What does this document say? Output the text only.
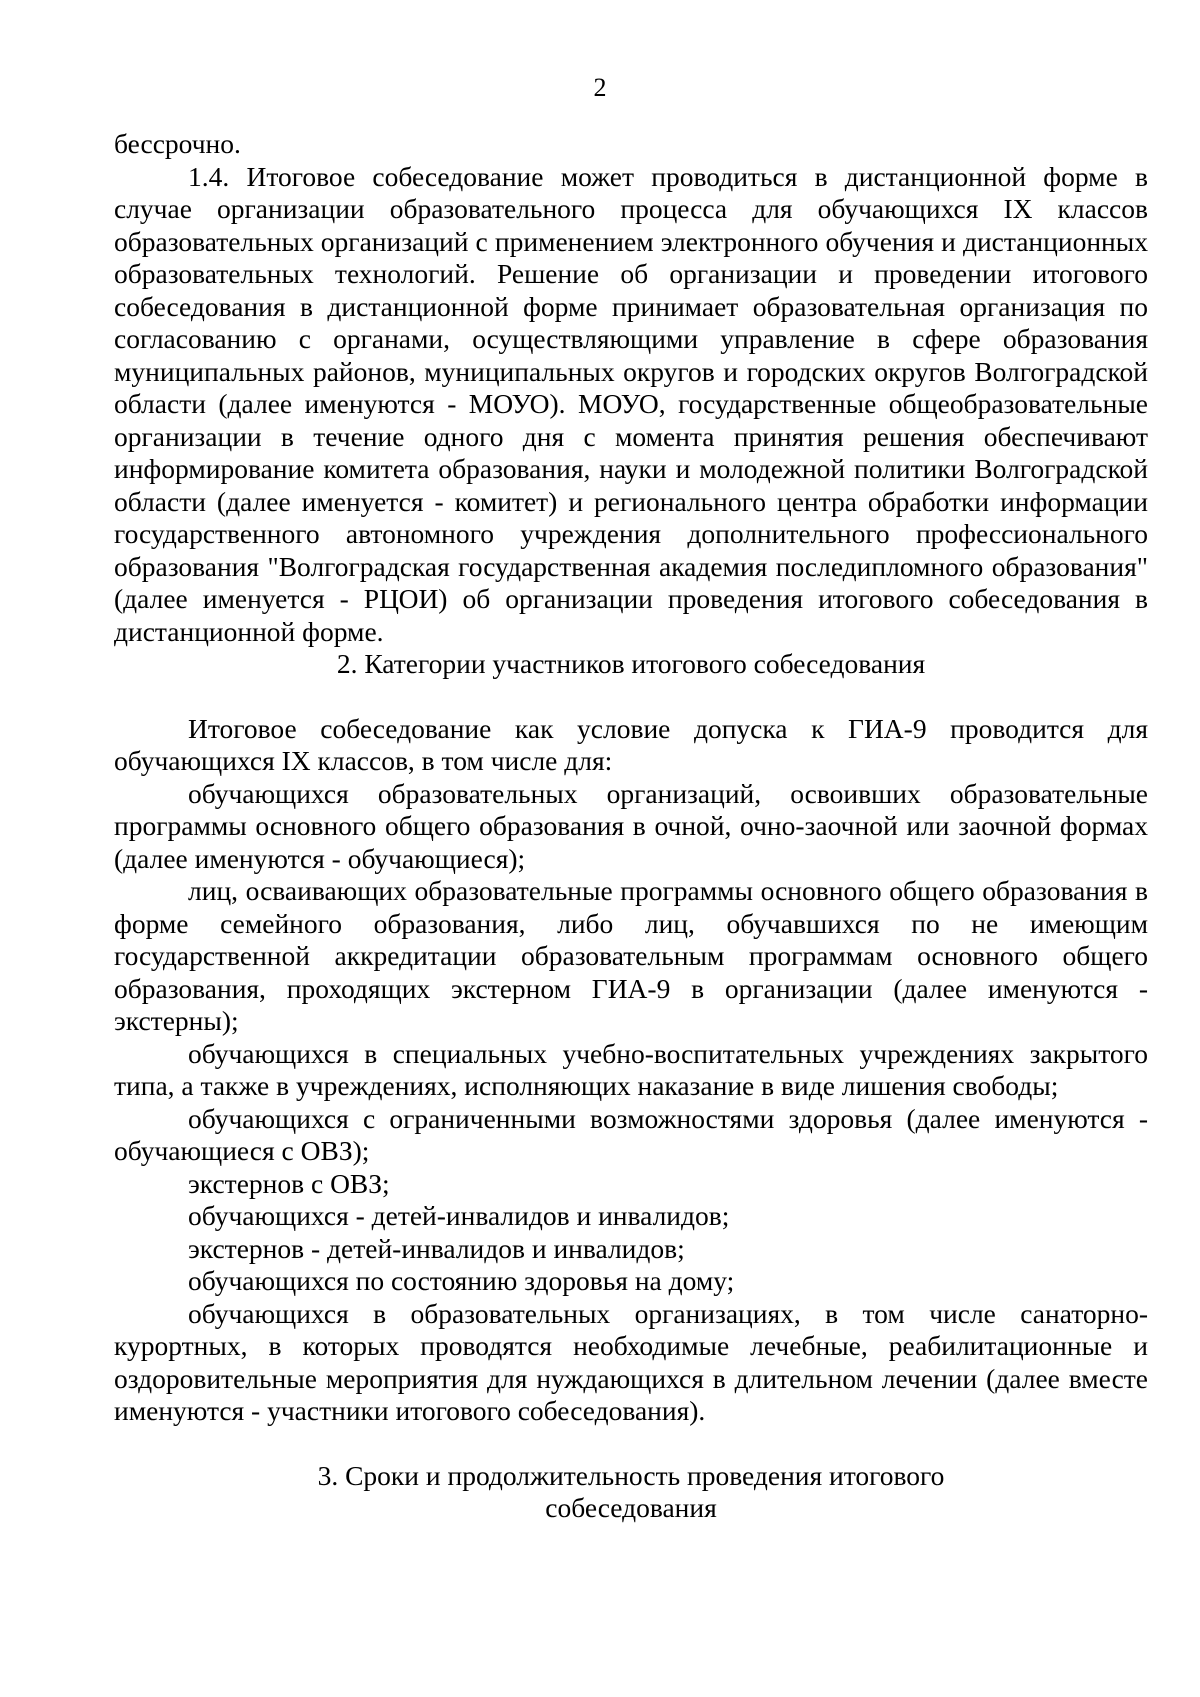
2

бессрочно.

1.4. Итоговое собеседование может проводиться в дистанционной форме в случае организации образовательного процесса для обучающихся IX классов образовательных организаций с применением электронного обучения и дистанционных образовательных технологий. Решение об организации и проведении итогового собеседования в дистанционной форме принимает образовательная организация по согласованию с органами, осуществляющими управление в сфере образования муниципальных районов, муниципальных округов и городских округов Волгоградской области (далее именуются - МОУО). МОУО, государственные общеобразовательные организации в течение одного дня с момента принятия решения обеспечивают информирование комитета образования, науки и молодежной политики Волгоградской области (далее именуется - комитет) и регионального центра обработки информации государственного автономного учреждения дополнительного профессионального образования "Волгоградская государственная академия последипломного образования" (далее именуется - РЦОИ) об организации проведения итогового собеседования в дистанционной форме.

2. Категории участников итогового собеседования

Итоговое собеседование как условие допуска к ГИА-9 проводится для обучающихся IX классов, в том числе для:

обучающихся образовательных организаций, освоивших образовательные программы основного общего образования в очной, очно-заочной или заочной формах (далее именуются - обучающиеся);

лиц, осваивающих образовательные программы основного общего образования в форме семейного образования, либо лиц, обучавшихся по не имеющим государственной аккредитации образовательным программам основного общего образования, проходящих экстерном ГИА-9 в организации (далее именуются - экстерны);

обучающихся в специальных учебно-воспитательных учреждениях закрытого типа, а также в учреждениях, исполняющих наказание в виде лишения свободы;

обучающихся с ограниченными возможностями здоровья (далее именуются - обучающиеся с ОВЗ);

экстернов с ОВЗ;

обучающихся - детей-инвалидов и инвалидов;

экстернов - детей-инвалидов и инвалидов;

обучающихся по состоянию здоровья на дому;

обучающихся в образовательных организациях, в том числе санаторно-курортных, в которых проводятся необходимые лечебные, реабилитационные и оздоровительные мероприятия для нуждающихся в длительном лечении (далее вместе именуются - участники итогового собеседования).

3. Сроки и продолжительность проведения итогового

собеседования
